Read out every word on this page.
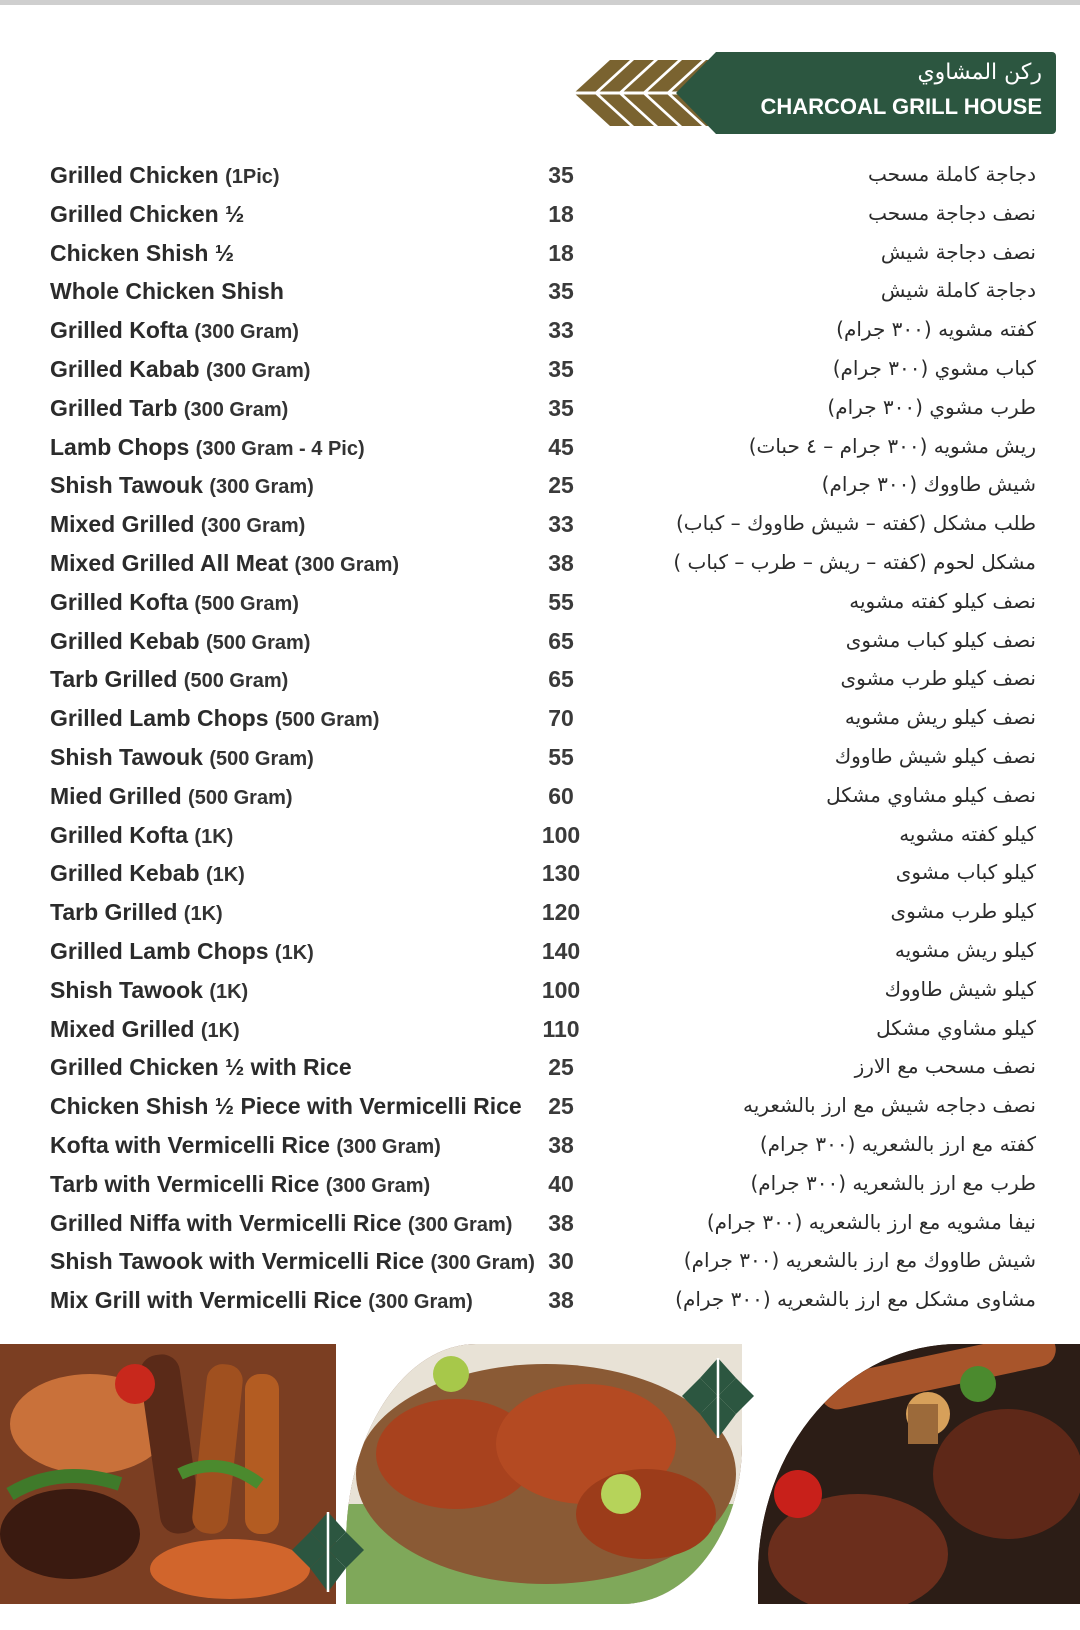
ركن المشاوي
CHARCOAL GRILL HOUSE
Grilled Chicken (1Pic)	35	دجاجة كاملة مسحب
Grilled Chicken ½	18	نصف دجاجة مسحب
Chicken Shish ½	18	نصف دجاجة شيش
Whole Chicken Shish	35	دجاجة كاملة شيش
Grilled Kofta (300 Gram)	33	كفته مشويه (٣٠٠ جرام)
Grilled Kabab (300 Gram)	35	كباب مشوي (٣٠٠ جرام)
Grilled Tarb (300 Gram)	35	طرب مشوي (٣٠٠ جرام)
Lamb Chops (300 Gram - 4 Pic)	45	ريش مشويه (٣٠٠ جرام – ٤ حبات)
Shish Tawouk (300 Gram)	25	شيش طاووك (٣٠٠ جرام)
Mixed Grilled (300 Gram)	33	طلب مشكل (كفته – شيش طاووك – كباب)
Mixed Grilled All Meat (300 Gram)	38	مشكل لحوم (كفته – ريش – طرب – كباب )
Grilled Kofta (500 Gram)	55	نصف كيلو كفته مشويه
Grilled Kebab (500 Gram)	65	نصف كيلو كباب مشوى
Tarb Grilled (500 Gram)	65	نصف كيلو طرب مشوى
Grilled Lamb Chops (500 Gram)	70	نصف كيلو ريش مشويه
Shish Tawouk (500 Gram)	55	نصف كيلو شيش طاووك
Mied Grilled (500 Gram)	60	نصف كيلو مشاوي مشكل
Grilled Kofta (1K)	100	كيلو كفته مشويه
Grilled Kebab (1K)	130	كيلو كباب مشوى
Tarb Grilled (1K)	120	كيلو طرب مشوى
Grilled Lamb Chops (1K)	140	كيلو ريش مشويه
Shish Tawook (1K)	100	كيلو شيش طاووك
Mixed Grilled (1K)	110	كيلو مشاوي مشكل
Grilled Chicken ½ with Rice	25	نصف مسحب مع الارز
Chicken Shish ½ Piece with Vermicelli Rice	25	نصف دجاجه شيش مع ارز بالشعريه
Kofta with Vermicelli Rice (300 Gram)	38	كفته مع ارز بالشعريه (٣٠٠ جرام)
Tarb with Vermicelli Rice (300 Gram)	40	طرب مع ارز بالشعريه (٣٠٠ جرام)
Grilled Niffa with Vermicelli Rice (300 Gram)	38	نيفا مشويه مع ارز بالشعريه (٣٠٠ جرام)
Shish Tawook with Vermicelli Rice (300 Gram) 30	شيش طاووك مع ارز بالشعريه (٣٠٠ جرام)
Mix Grill with Vermicelli Rice (300 Gram)	38	مشاوى مشكل مع ارز بالشعريه (٣٠٠ جرام)
